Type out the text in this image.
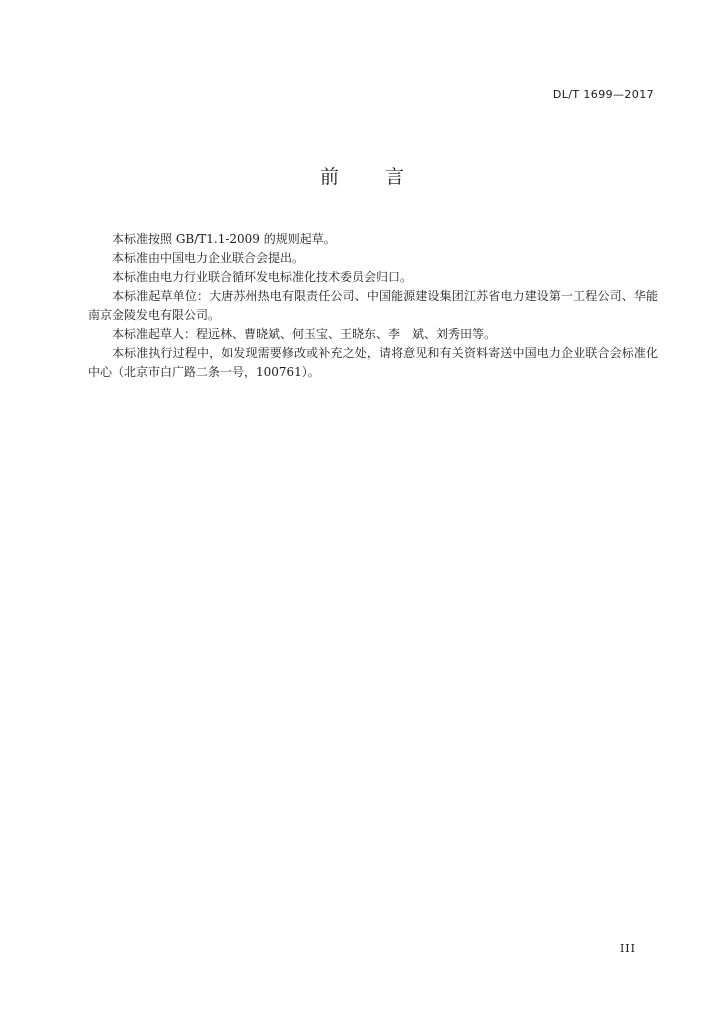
DL/T 1699—2017
前 言

本标准按照 GB/T1.1-2009 的规则起草。

本标准由中国电力企业联合会提出。

本标准由电力行业联合循环发电标准化技术委员会归口。

本标准起草单位：大唐苏州热电有限责任公司、中国能源建设集团江苏省电力建设第一工程公司、华能南京金陵发电有限公司。

本标准起草人：程远林、曹晓斌、何玉宝、王晓东、李　斌、刘秀田等。

本标准执行过程中，如发现需要修改或补充之处，请将意见和有关资料寄送中国电力企业联合会标准化中心（北京市白广路二条一号，100761）。

III
